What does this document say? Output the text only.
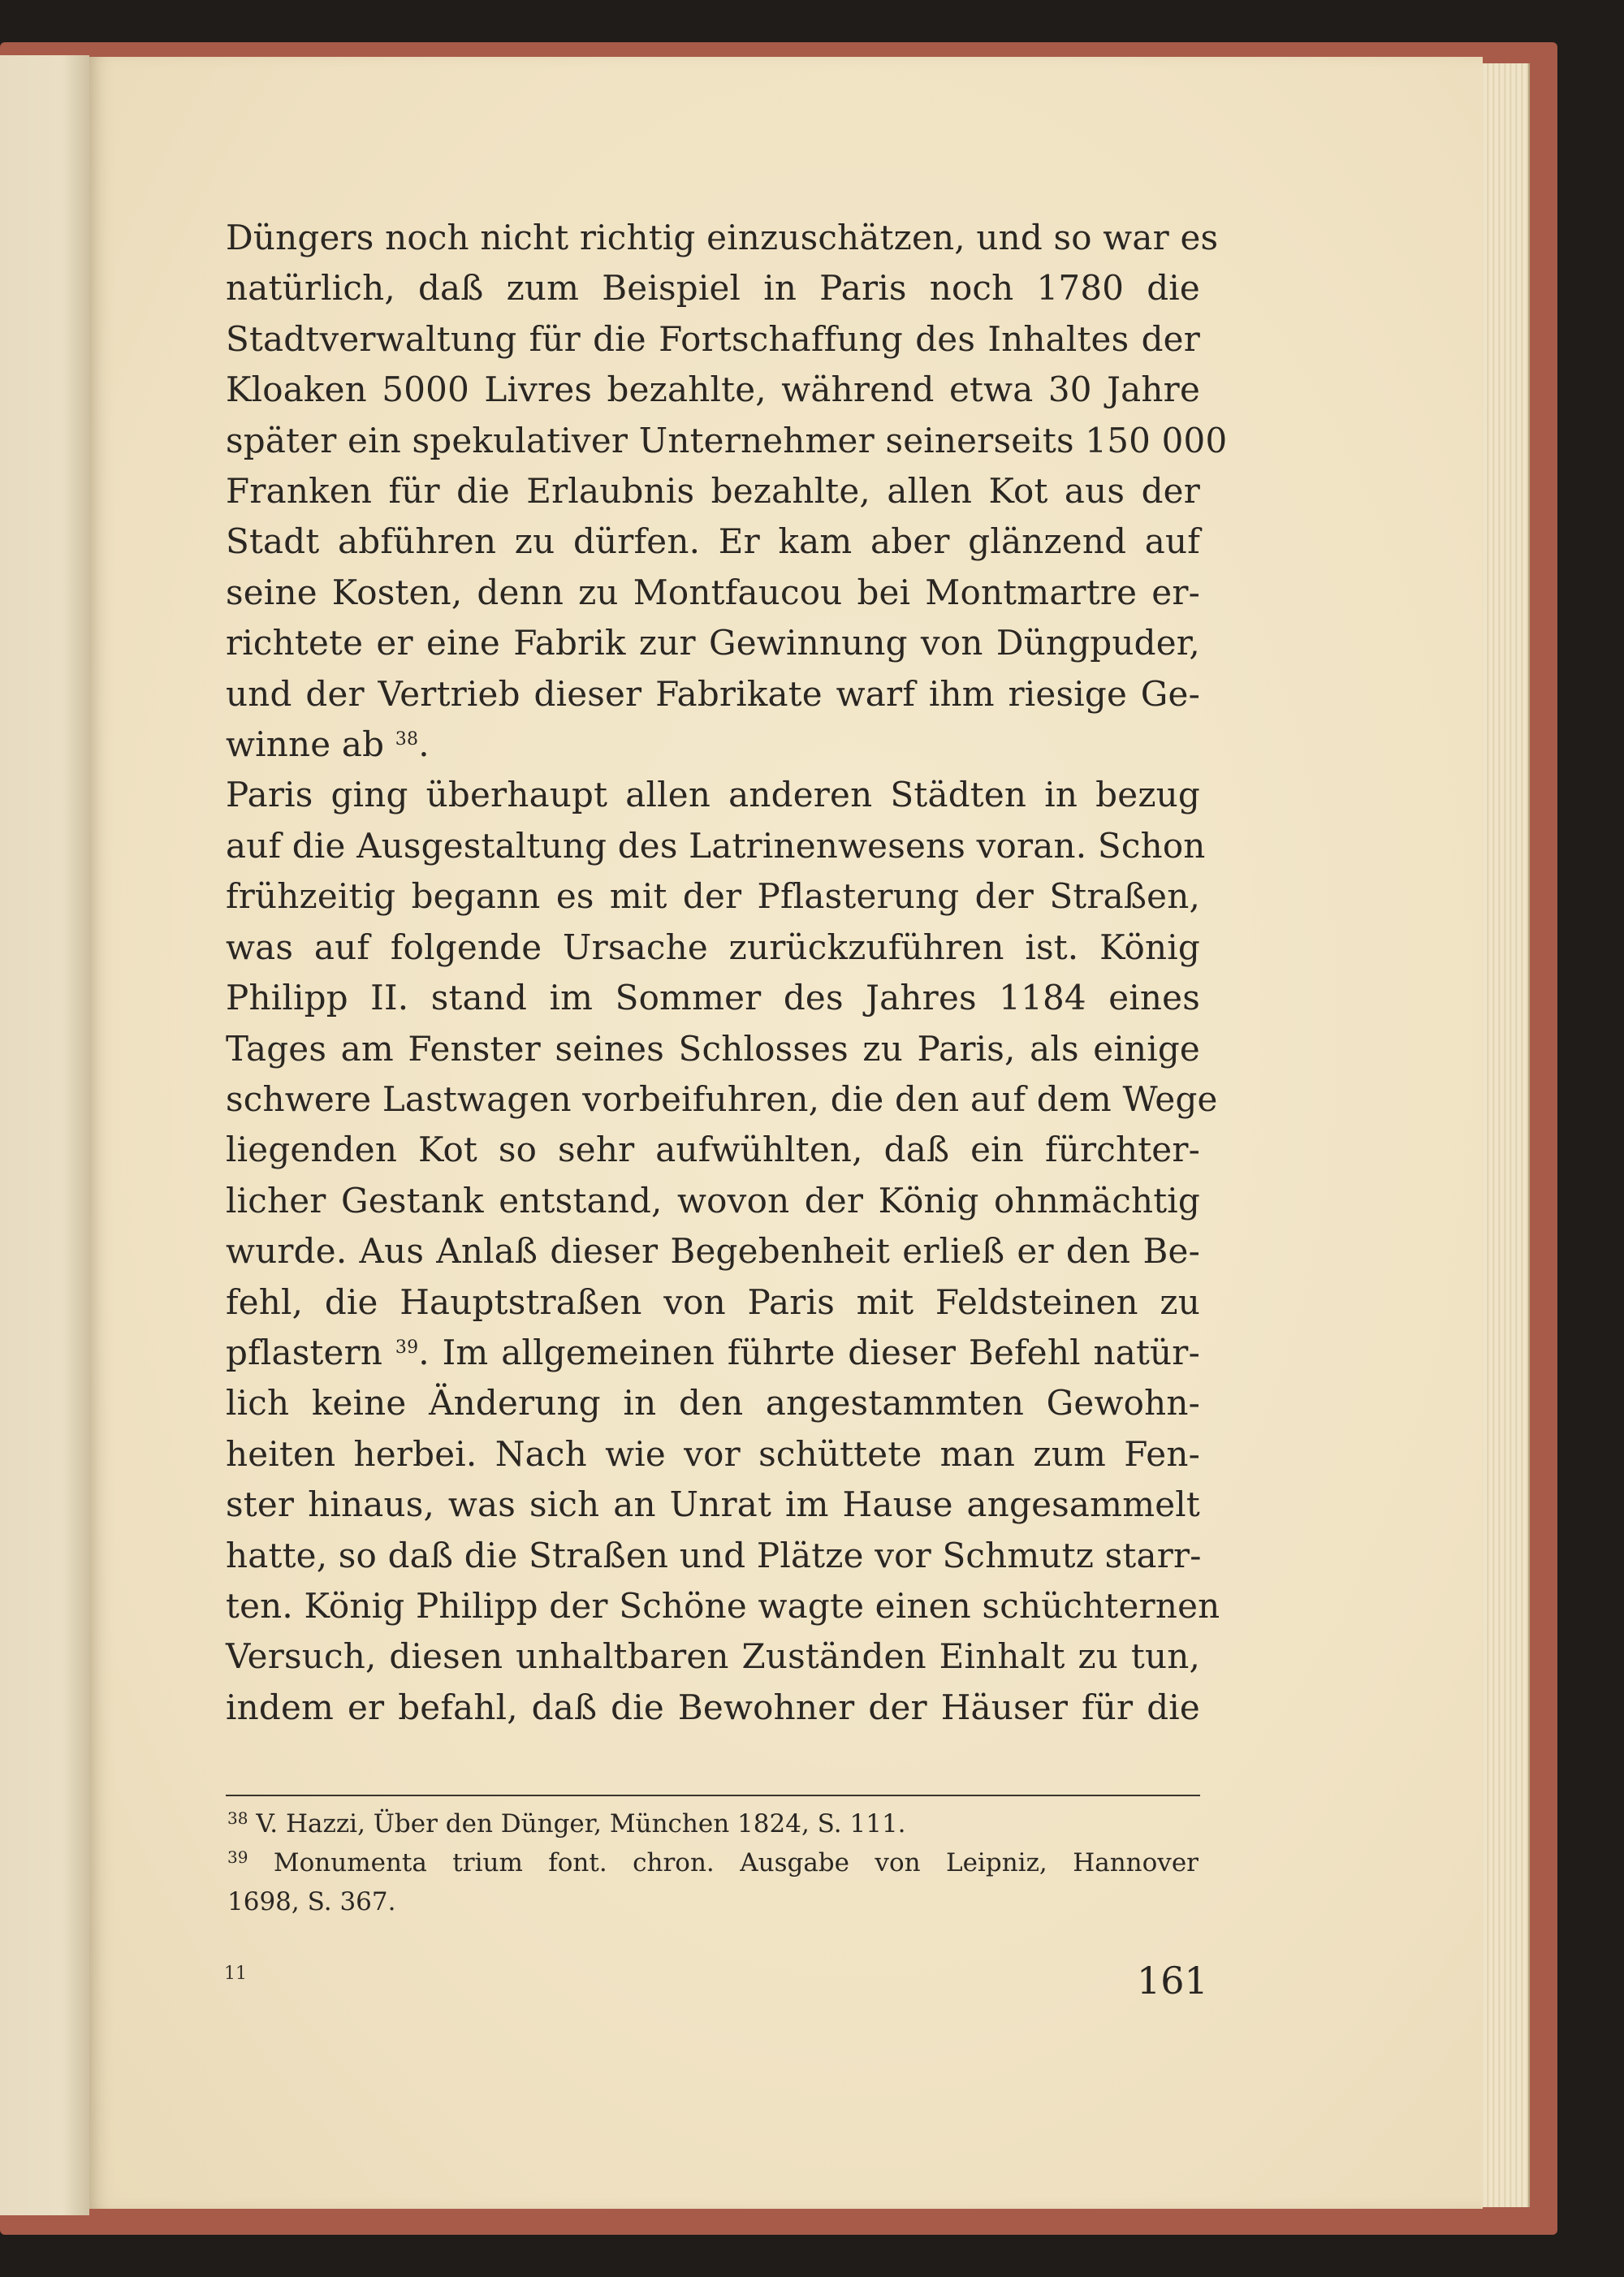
Düngers noch nicht richtig einzuschätzen, und so war es
natürlich, daß zum Beispiel in Paris noch 1780 die
Stadtverwaltung für die Fortschaffung des Inhaltes der
Kloaken 5000 Livres bezahlte, während etwa 30 Jahre
später ein spekulativer Unternehmer seinerseits 150 000
Franken für die Erlaubnis bezahlte, allen Kot aus der
Stadt abführen zu dürfen. Er kam aber glänzend auf
seine Kosten, denn zu Montfaucou bei Montmartre er-
richtete er eine Fabrik zur Gewinnung von Düngpuder,
und der Vertrieb dieser Fabrikate warf ihm riesige Ge-
winne ab $^{38}$.
Paris ging überhaupt allen anderen Städten in bezug
auf die Ausgestaltung des Latrinenwesens voran. Schon
frühzeitig begann es mit der Pflasterung der Straßen,
was auf folgende Ursache zurückzuführen ist. König
Philipp II. stand im Sommer des Jahres 1184 eines
Tages am Fenster seines Schlosses zu Paris, als einige
schwere Lastwagen vorbeifuhren, die den auf dem Wege
liegenden Kot so sehr aufwühlten, daß ein fürchter-
licher Gestank entstand, wovon der König ohnmächtig
wurde. Aus Anlaß dieser Begebenheit erließ er den Be-
fehl, die Hauptstraßen von Paris mit Feldsteinen zu
pflastern $^{39}$. Im allgemeinen führte dieser Befehl natür-
lich keine Änderung in den angestammten Gewohn-
heiten herbei. Nach wie vor schüttete man zum Fen-
ster hinaus, was sich an Unrat im Hause angesammelt
hatte, so daß die Straßen und Plätze vor Schmutz starr-
ten. König Philipp der Schöne wagte einen schüchternen
Versuch, diesen unhaltbaren Zuständen Einhalt zu tun,
indem er befahl, daß die Bewohner der Häuser für die
$^{38}$ V. Hazzi, Über den Dünger, München 1824, S. 111.
$^{39}$ Monumenta trium font. chron. Ausgabe von Leipniz, Hannover
1698, S. 367.
11	161
